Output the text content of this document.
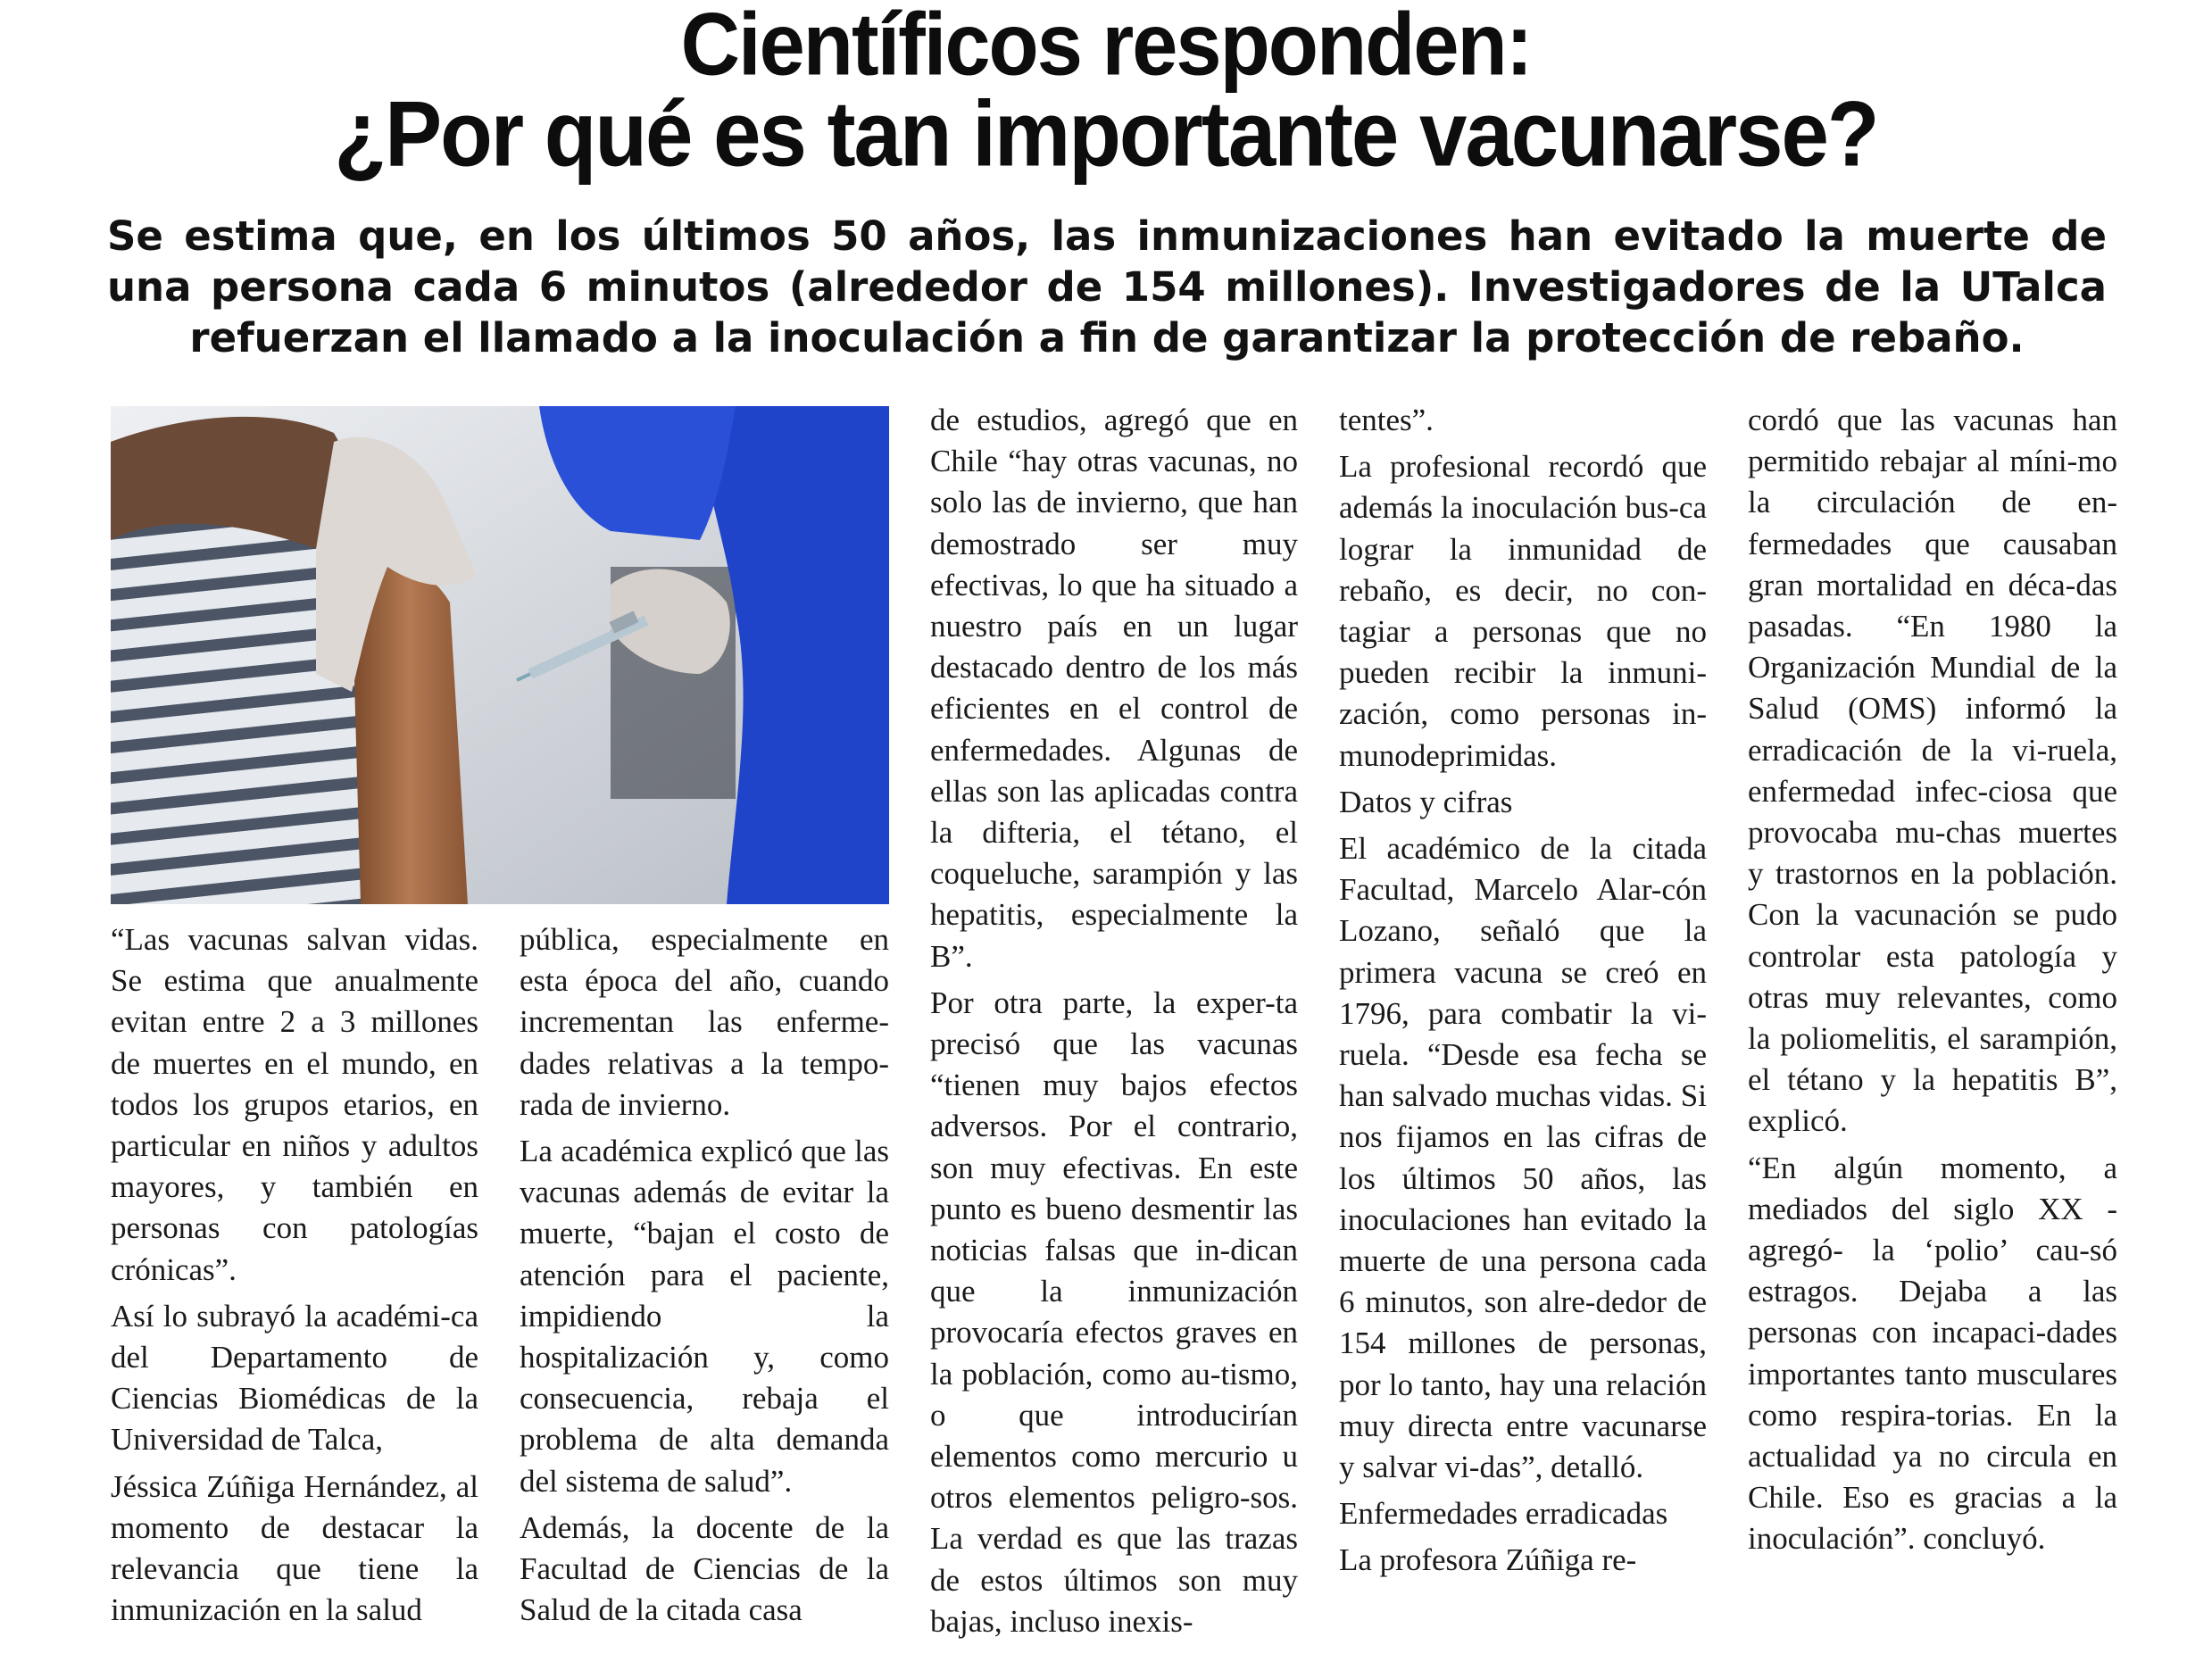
Científicos responden:
¿Por qué es tan importante vacunarse?
Se estima que, en los últimos 50 años, las inmunizaciones han evitado la muerte de una persona cada 6 minutos (alrededor de 154 millones). Investigadores de la UTalca refuerzan el llamado a la inoculación a fin de garantizar la protección de rebaño.

“Las vacunas salvan vidas. Se estima que anualmente evitan entre 2 a 3 millones de muertes en el mundo, en todos los grupos etarios, en particular en niños y adultos mayores, y también en personas con patologías crónicas”.

Así lo subrayó la académi-ca del Departamento de Ciencias Biomédicas de la Universidad de Talca,

Jéssica Zúñiga Hernández, al momento de destacar la relevancia que tiene la inmunización en la salud

pública, especialmente en esta época del año, cuando incrementan las enferme-dades relativas a la tempo-rada de invierno.

La académica explicó que las vacunas además de evitar la muerte, “bajan el costo de atención para el paciente, impidiendo la hospitalización y, como consecuencia, rebaja el problema de alta demanda del sistema de salud”.

Además, la docente de la Facultad de Ciencias de la Salud de la citada casa

de estudios, agregó que en Chile “hay otras vacunas, no solo las de invierno, que han demostrado ser muy efectivas, lo que ha situado a nuestro país en un lugar destacado dentro de los más eficientes en el control de enfermedades. Algunas de ellas son las aplicadas contra la difteria, el tétano, el coqueluche, sarampión y las hepatitis, especialmente la B”.

Por otra parte, la exper-ta precisó que las vacunas “tienen muy bajos efectos adversos. Por el contrario, son muy efectivas. En este punto es bueno desmentir las noticias falsas que in-dican que la inmunización provocaría efectos graves en la población, como au-tismo, o que introducirían elementos como mercurio u otros elementos peligro-sos. La verdad es que las trazas de estos últimos son muy bajas, incluso inexis-

tentes”.

La profesional recordó que además la inoculación bus-ca lograr la inmunidad de rebaño, es decir, no con-tagiar a personas que no pueden recibir la inmuni-zación, como personas in-munodeprimidas.

Datos y cifras

El académico de la citada Facultad, Marcelo Alar-cón Lozano, señaló que la primera vacuna se creó en 1796, para combatir la vi-ruela. “Desde esa fecha se han salvado muchas vidas. Si nos fijamos en las cifras de los últimos 50 años, las inoculaciones han evitado la muerte de una persona cada 6 minutos, son alre-dedor de 154 millones de personas, por lo tanto, hay una relación muy directa entre vacunarse y salvar vi-das”, detalló.

Enfermedades erradicadas

La profesora Zúñiga re-

cordó que las vacunas han permitido rebajar al míni-mo la circulación de en-fermedades que causaban gran mortalidad en déca-das pasadas. “En 1980 la Organización Mundial de la Salud (OMS) informó la erradicación de la vi-ruela, enfermedad infec-ciosa que provocaba mu-chas muertes y trastornos en la población. Con la vacunación se pudo controlar esta patología y otras muy relevantes, como la poliomelitis, el sarampión, el tétano y la hepatitis B”, explicó.

“En algún momento, a mediados del siglo XX -agregó- la ‘polio’ cau-só estragos. Dejaba a las personas con incapaci-dades importantes tanto musculares como respira-torias. En la actualidad ya no circula en Chile. Eso es gracias a la inoculación”. concluyó.
